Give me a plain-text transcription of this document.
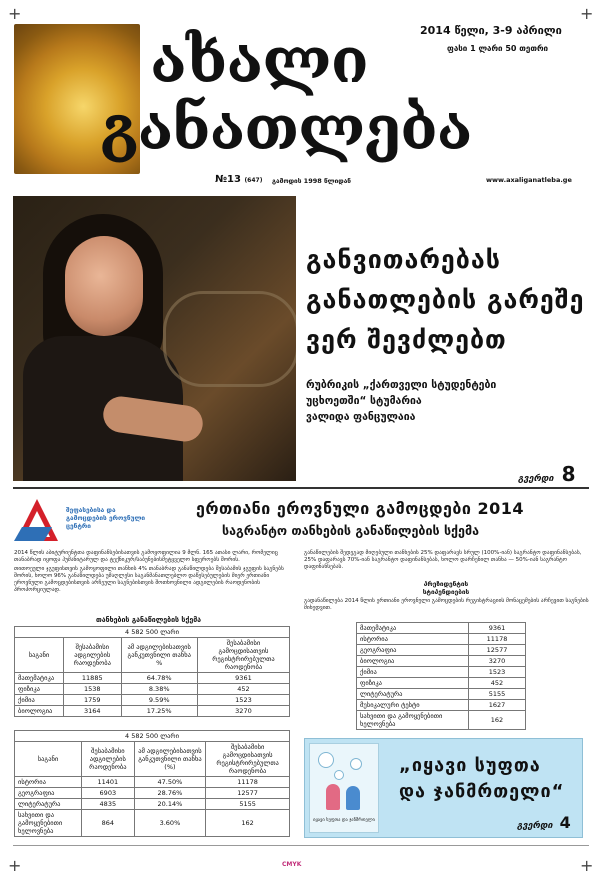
+	+
+	+
ახალი
განათლება
2014 წელი, 3-9 აპრილი
ფასი 1 ლარი 50 თეთრი
№13 (647) გამოდის 1998 წლიდან	www.axaliganatleba.ge
განვითარებას
განათლების გარეშე
ვერ შევძლებთ
რუბრიკის „ქართველი სტუდენტები
უცხოეთში“ სტუმარია
ვალიდა ფანცულაია
გვერდი 8
შეფასებისა და
გამოცდების ეროვნული
ცენტრი
ერთიანი ეროვნული გამოცდები 2014
საგრანტო თანხების განაწილების სქემა
2014 წლის აბიტურიენტთა დაფინანსებისათვის გამოყოფილია 9 მლნ. 165 ათასი ლარი, რომელიც თანაბრად იყოფა ჰუმანიტარულ და ტექნიკურ/საბუნებისმეტყველო სფეროებს შორის.
თითოეული ჯგუფისთვის გამოყოფილი თანხის 4% თანაბრად განაწილდება შესაბამის ჯგუფის საგნებს შორის, ხოლო 96% განაწილდება უმაღლესი საგანმანათლებლო დაწესებულების მიერ ერთიანი ეროვნული გამოცდებისთვის არჩეული საგნებისთვის შოთხოვნილი ადგილების რაოდენობის პროპორციულად.
თანხების განაწილების სქემა
განაწილების შედეგად მიღებული თანხების 25% დაფარავს სრულ (100%-იან) საგრანტო დაფინანსებას, 25% დაფარავს 70%-იან საგრანტო დაფინანსებას, ხოლო დარჩენილ თანხა — 50%-იან საგრანტო დაფინანსებას.
პრეზიდენტის
სტიპენდიების
გადანაწილება 2014 წლის ერთიანი ეროვნული გამოცდების რეგისტრაციის მონაცემების არჩევით საგნების მიხედვით.
4 582 500 ლარი			
საგანი	შესაბამისი ადგილების რაოდენობა	ამ ადგილებისათვის განკუთვნილი თანხა %	შესაბამისი გამოცდისათვის რეგისტრირებულთა რაოდენობა
მათემატიკა	11885	64.78%	9361
ფიზიკა	1538	8.38%	452
ქიმია	1759	9.59%	1523
ბიოლოგია	3164	17.25%	3270
4 582 500 ლარი			
საგანი	შესაბამისი ადგილების რაოდენობა	ამ ადგილებისათვის განკუთვნილი თანხა (%)	შესაბამისი გამოცდისათვის რეგისტრირებულთა რაოდენობა
ისტორია	11401	47.50%	11178
გეოგრაფია	6903	28.76%	12577
ლიტერატურა	4835	20.14%	5155
სახვითი და გამოყენებითი ხელოვნება	864	3.60%	162
მათემატიკა	9361
ისტორია	11178
გეოგრაფია	12577
ბიოლოგია	3270
ქიმია	1523
ფიზიკა	452
ლიტერატურა	5155
მუსიკალური ტესტი	1627
სახვითი და გამოყენებითი ხელოვნება	162
იყავი სუფთა და ჯანმრთელი
„იყავი სუფთა
და ჯანმრთელი“
გვერდი 4
CMYK
